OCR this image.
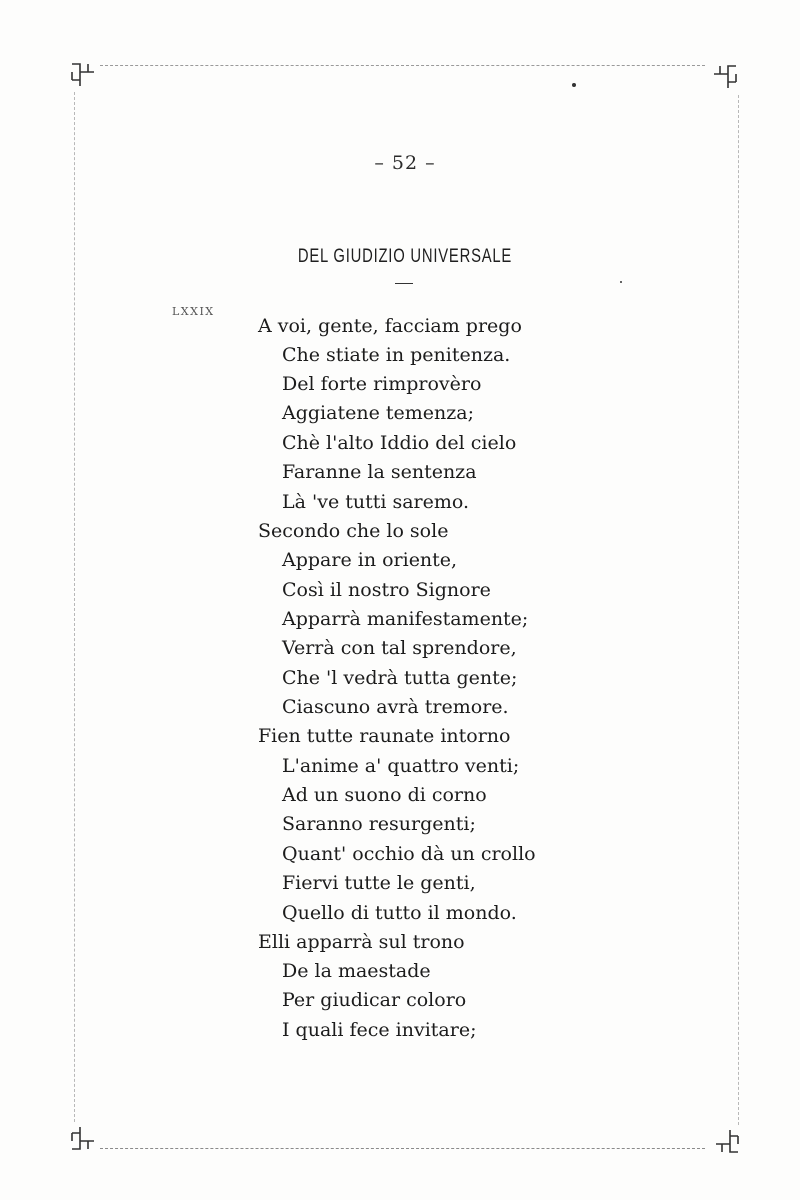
– 52 –
DEL GIUDIZIO UNIVERSALE
LXXIX
A voi, gente, facciam prego
Che stiate in penitenza.
Del forte rimprovèro
Aggiatene temenza;
Chè l'alto Iddio del cielo
Faranne la sentenza
Là 've tutti saremo.
Secondo che lo sole
Appare in oriente,
Così il nostro Signore
Apparrà manifestamente;
Verrà con tal sprendore,
Che 'l vedrà tutta gente;
Ciascuno avrà tremore.
Fien tutte raunate intorno
L'anime a' quattro venti;
Ad un suono di corno
Saranno resurgenti;
Quant' occhio dà un crollo
Fiervi tutte le genti,
Quello di tutto il mondo.
Elli apparrà sul trono
De la maestade
Per giudicar coloro
I quali fece invitare;
